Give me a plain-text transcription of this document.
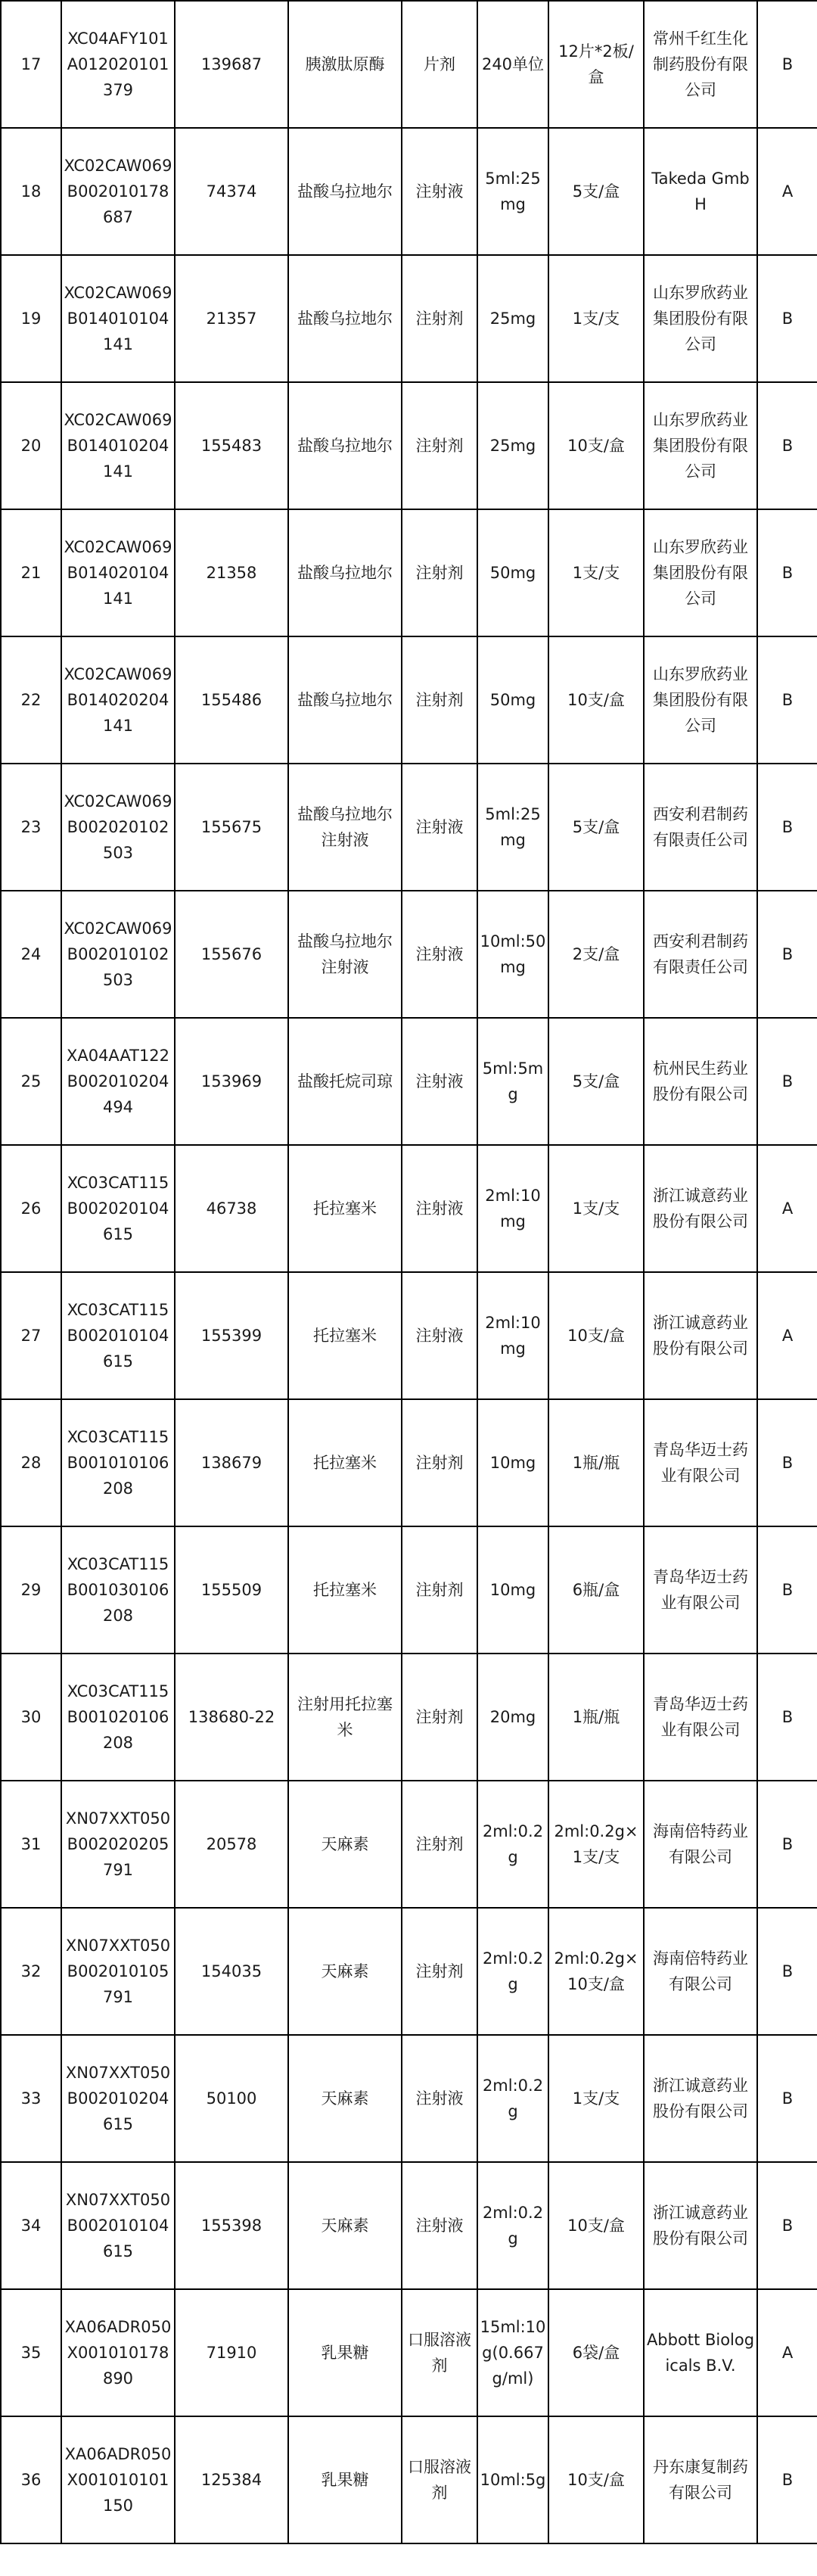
17	XC04AFY101A012020101379	139687	胰激肽原酶	片剂	240单位	12片*2板/盒	常州千红生化制药股份有限公司	B
18	XC02CAW069B002010178687	74374	盐酸乌拉地尔	注射液	5ml:25mg	5支/盒	Takeda GmbH	A
19	XC02CAW069B014010104141	21357	盐酸乌拉地尔	注射剂	25mg	1支/支	山东罗欣药业集团股份有限公司	B
20	XC02CAW069B014010204141	155483	盐酸乌拉地尔	注射剂	25mg	10支/盒	山东罗欣药业集团股份有限公司	B
21	XC02CAW069B014020104141	21358	盐酸乌拉地尔	注射剂	50mg	1支/支	山东罗欣药业集团股份有限公司	B
22	XC02CAW069B014020204141	155486	盐酸乌拉地尔	注射剂	50mg	10支/盒	山东罗欣药业集团股份有限公司	B
23	XC02CAW069B002020102503	155675	盐酸乌拉地尔注射液	注射液	5ml:25mg	5支/盒	西安利君制药有限责任公司	B
24	XC02CAW069B002010102503	155676	盐酸乌拉地尔注射液	注射液	10ml:50mg	2支/盒	西安利君制药有限责任公司	B
25	XA04AAT122B002010204494	153969	盐酸托烷司琼	注射液	5ml:5mg	5支/盒	杭州民生药业股份有限公司	B
26	XC03CAT115B002020104615	46738	托拉塞米	注射液	2ml:10mg	1支/支	浙江诚意药业股份有限公司	A
27	XC03CAT115B002010104615	155399	托拉塞米	注射液	2ml:10mg	10支/盒	浙江诚意药业股份有限公司	A
28	XC03CAT115B001010106208	138679	托拉塞米	注射剂	10mg	1瓶/瓶	青岛华迈士药业有限公司	B
29	XC03CAT115B001030106208	155509	托拉塞米	注射剂	10mg	6瓶/盒	青岛华迈士药业有限公司	B
30	XC03CAT115B001020106208	138680-22	注射用托拉塞米	注射剂	20mg	1瓶/瓶	青岛华迈士药业有限公司	B
31	XN07XXT050B002020205791	20578	天麻素	注射剂	2ml:0.2g	2ml:0.2g×1支/支	海南倍特药业有限公司	B
32	XN07XXT050B002010105791	154035	天麻素	注射剂	2ml:0.2g	2ml:0.2g×10支/盒	海南倍特药业有限公司	B
33	XN07XXT050B002010204615	50100	天麻素	注射液	2ml:0.2g	1支/支	浙江诚意药业股份有限公司	B
34	XN07XXT050B002010104615	155398	天麻素	注射液	2ml:0.2g	10支/盒	浙江诚意药业股份有限公司	B
35	XA06ADR050X001010178890	71910	乳果糖	口服溶液剂	15ml:10g(0.667g/ml)	6袋/盒	Abbott Biologicals B.V.	A
36	XA06ADR050X001010101150	125384	乳果糖	口服溶液剂	10ml:5g	10支/盒	丹东康复制药有限公司	B
